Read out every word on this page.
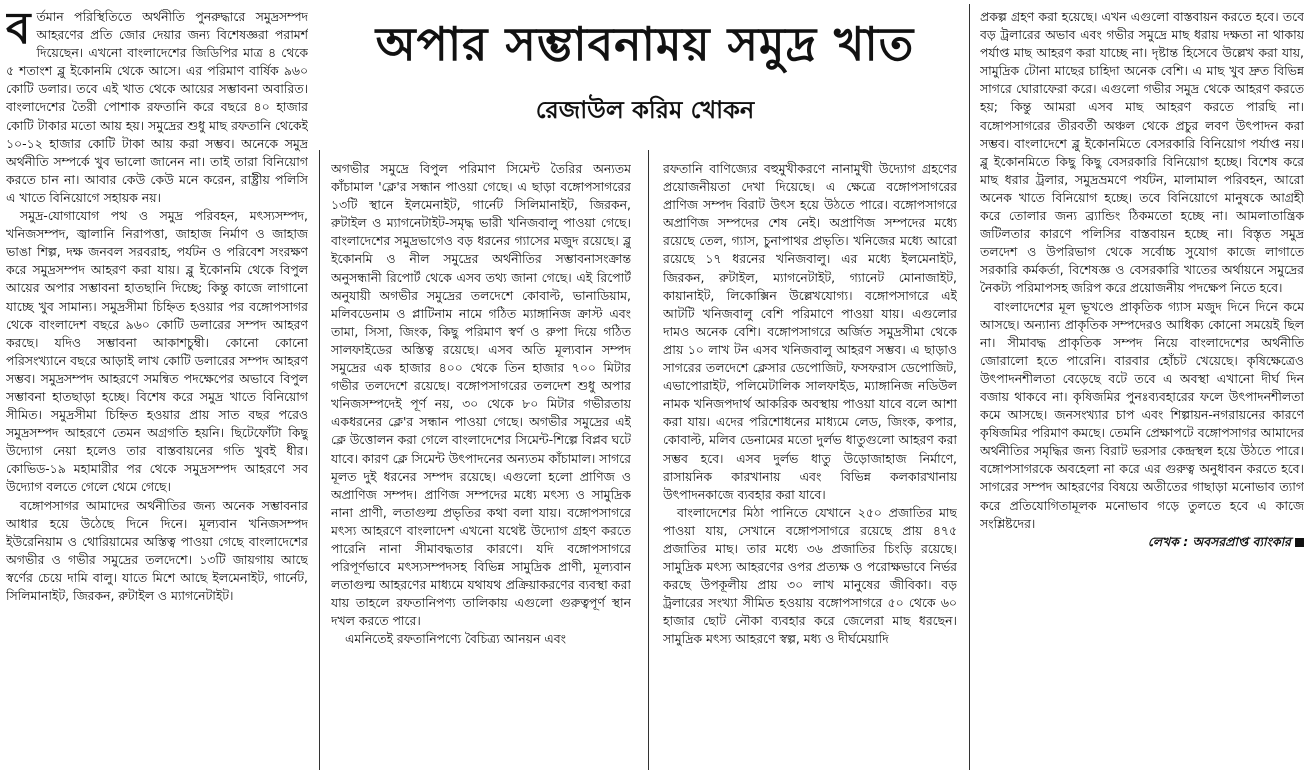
বর্তমান পরিস্থিতিতে অর্থনীতি পুনরুদ্ধারে সমুদ্রসম্পদ আহরণের প্রতি জোর দেয়ার জন্য বিশেষজ্ঞরা পরামর্শ দিয়েছেন। এখনো বাংলাদেশের জিডিপির মাত্র ৪ থেকে ৫ শতাংশ ব্লু ইকোনমি থেকে আসে। এর পরিমাণ বার্ষিক ৯৬০ কোটি ডলার। তবে এই খাত থেকে আয়ের সম্ভাবনা অবারিত। বাংলাদেশের তৈরী পোশাক রফতানি করে বছরে ৪০ হাজার কোটি টাকার মতো আয় হয়। সমুদ্রের শুধু মাছ রফতানি থেকেই ১০-১২ হাজার কোটি টাকা আয় করা সম্ভব। অনেকে সমুদ্র অর্থনীতি সম্পর্কে খুব ভালো জানেন না। তাই তারা বিনিয়োগ করতে চান না। আবার কেউ কেউ মনে করেন, রাষ্ট্রীয় পলিসি এ খাতে বিনিয়োগে সহায়ক নয়।

সমুদ্র-যোগাযোগ পথ ও সমুদ্র পরিবহন, মৎস্যসম্পদ, খনিজসম্পদ, জ্বালানি নিরাপত্তা, জাহাজ নির্মাণ ও জাহাজ ভাঙা শিল্প, দক্ষ জনবল সরবরাহ, পর্যটন ও পরিবেশ সংরক্ষণ করে সমুদ্রসম্পদ আহরণ করা যায়। ব্লু ইকোনমি থেকে বিপুল আয়ের অপার সম্ভাবনা হাতছানি দিচ্ছে; কিন্তু কাজে লাগানো যাচ্ছে খুব সামান্য। সমুদ্রসীমা চিহ্নিত হওয়ার পর বঙ্গোপসাগর থেকে বাংলাদেশ বছরে ৯৬০ কোটি ডলারের সম্পদ আহরণ করছে। যদিও সম্ভাবনা আকাশচুম্বী। কোনো কোনো পরিসংখ্যানে বছরে আড়াই লাখ কোটি ডলারের সম্পদ আহরণ সম্ভব। সমুদ্রসম্পদ আহরণে সমন্বিত পদক্ষেপের অভাবে বিপুল সম্ভাবনা হাতছাড়া হচ্ছে। বিশেষ করে সমুদ্র খাতে বিনিয়োগ সীমিত। সমুদ্রসীমা চিহ্নিত হওয়ার প্রায় সাত বছর পরেও সমুদ্রসম্পদ আহরণে তেমন অগ্রগতি হয়নি। ছিটেফোঁটা কিছু উদ্যোগ নেয়া হলেও তার বাস্তবায়নের গতি খুবই ধীর। কোভিড-১৯ মহামারীর পর থেকে সমুদ্রসম্পদ আহরণে সব উদ্যোগ বলতে গেলে থেমে গেছে।

বঙ্গোপসাগর আমাদের অর্থনীতির জন্য অনেক সম্ভাবনার আধার হয়ে উঠেছে দিনে দিনে। মূল্যবান খনিজসম্পদ ইউরেনিয়াম ও থোরিয়ামের অস্তিত্ব পাওয়া গেছে বাংলাদেশের অগভীর ও গভীর সমুদ্রের তলদেশে। ১৩টি জায়গায় আছে স্বর্ণের চেয়ে দামি বালু। যাতে মিশে আছে ইলমেনাইট, গার্নেট, সিলিমানাইট, জিরকন, রুটাইল ও ম্যাগনেটাইট।

অপার সম্ভাবনাময় সমুদ্র খাত
রেজাউল করিম খোকন

অগভীর সমুদ্রে বিপুল পরিমাণ সিমেন্ট তৈরির অন্যতম কাঁচামাল 'ক্লে'র সন্ধান পাওয়া গেছে। এ ছাড়া বঙ্গোপসাগরের ১৩টি স্থানে ইলমেনাইট, গার্নেট সিলিমানাইট, জিরকন, রুটাইল ও ম্যাগনেটাইট-সমৃদ্ধ ভারী খনিজবালু পাওয়া গেছে। বাংলাদেশের সমুদ্রভাগেও বড় ধরনের গ্যাসের মজুদ রয়েছে। ব্লু ইকোনমি ও নীল সমুদ্রের অর্থনীতির সম্ভাবনাসংক্রান্ত অনুসন্ধানী রিপোর্ট থেকে এসব তথ্য জানা গেছে। এই রিপোর্ট অনুযায়ী অগভীর সমুদ্রের তলদেশে কোবাল্ট, ভানাডিয়াম, মলিবডেনাম ও প্লাটিনাম নামে গঠিত ম্যাঙ্গানিজ ক্রাস্ট এবং তামা, সিসা, জিংক, কিছু পরিমাণ স্বর্ণ ও রুপা দিয়ে গঠিত সালফাইডের অস্তিত্ব রয়েছে। এসব অতি মূল্যবান সম্পদ সমুদ্রের এক হাজার ৪০০ থেকে তিন হাজার ৭০০ মিটার গভীর তলদেশে রয়েছে। বঙ্গোপসাগরের তলদেশ শুধু অপার খনিজসম্পদেই পূর্ণ নয়, ৩০ থেকে ৮০ মিটার গভীরতায় একধরনের ক্লে'র সন্ধান পাওয়া গেছে। অগভীর সমুদ্রের এই ক্লে উত্তোলন করা গেলে বাংলাদেশের সিমেন্ট-শিল্পে বিপ্লব ঘটে যাবে। কারণ ক্লে সিমেন্ট উৎপাদনের অন্যতম কাঁচামাল। সাগরে মূলত দুই ধরনের সম্পদ রয়েছে। এগুলো হলো প্রাণিজ ও অপ্রাণিজ সম্পদ। প্রাণিজ সম্পদের মধ্যে মৎস্য ও সামুদ্রিক নানা প্রাণী, লতাগুল্ম প্রভৃতির কথা বলা যায়। বঙ্গোপসাগরে মৎস্য আহরণে বাংলাদেশ এখনো যথেষ্ট উদ্যোগ গ্রহণ করতে পারেনি নানা সীমাবদ্ধতার কারণে। যদি বঙ্গোপসাগরে পরিপূর্ণভাবে মৎস্যসম্পদসহ বিভিন্ন সামুদ্রিক প্রাণী, মূল্যবান লতাগুল্ম আহরণের মাধ্যমে যথাযথ প্রক্রিয়াকরণের ব্যবস্থা করা যায় তাহলে রফতানিপণ্য তালিকায় এগুলো গুরুত্বপূর্ণ স্থান দখল করতে পারে।

এমনিতেই রফতানিপণ্যে বৈচিত্র্য আনয়ন এবং

রফতানি বাণিজ্যের বহুমুখীকরণে নানামুখী উদ্যোগ গ্রহণের প্রয়োজনীয়তা দেখা দিয়েছে। এ ক্ষেত্রে বঙ্গোপসাগরের প্রাণিজ সম্পদ বিরাট উৎস হয়ে উঠতে পারে। বঙ্গোপসাগরে অপ্রাণিজ সম্পদের শেষ নেই। অপ্রাণিজ সম্পদের মধ্যে রয়েছে তেল, গ্যাস, চুনাপাথর প্রভৃতি। খনিজের মধ্যে আরো রয়েছে ১৭ ধরনের খনিজবালু। এর মধ্যে ইলমেনাইট, জিরকন, রুটাইল, ম্যাগনেটাইট, গ্যানেট মোনাজাইট, কায়ানাইট, লিকোক্সিন উল্লেখযোগ্য। বঙ্গোপসাগরে এই আটটি খনিজবালু বেশি পরিমাণে পাওয়া যায়। এগুলোর দামও অনেক বেশি। বঙ্গোপসাগরে অর্জিত সমুদ্রসীমা থেকে প্রায় ১০ লাখ টন এসব খনিজবালু আহরণ সম্ভব। এ ছাড়াও সাগরের তলদেশে ক্লেসার ডেপোজিট, ফসফরাস ডেপোজিট, এভাপোরাইট, পলিমেটালিক সালফাইড, ম্যাঙ্গানিজ নডিউল নামক খনিজপদার্থ আকরিক অবস্থায় পাওয়া যাবে বলে আশা করা যায়। এদের পরিশোধনের মাধ্যমে লেড, জিংক, কপার, কোবাল্ট, মলিব ডেনামের মতো দুর্লভ ধাতুগুলো আহরণ করা সম্ভব হবে। এসব দুর্লভ ধাতু উড়োজাহাজ নির্মাণে, রাসায়নিক কারখানায় এবং বিভিন্ন কলকারখানায় উৎপাদনকাজে ব্যবহার করা যাবে।

বাংলাদেশের মিঠা পানিতে যেখানে ২৫০ প্রজাতির মাছ পাওয়া যায়, সেখানে বঙ্গোপসাগরে রয়েছে প্রায় ৪৭৫ প্রজাতির মাছ। তার মধ্যে ৩৬ প্রজাতির চিংড়ি রয়েছে। সামুদ্রিক মৎস্য আহরণের ওপর প্রত্যক্ষ ও পরোক্ষভাবে নির্ভর করছে উপকূলীয় প্রায় ৩০ লাখ মানুষের জীবিকা। বড় ট্রলারের সংখ্যা সীমিত হওয়ায় বঙ্গোপসাগরে ৫০ থেকে ৬০ হাজার ছোট নৌকা ব্যবহার করে জেলেরা মাছ ধরছেন। সামুদ্রিক মৎস্য আহরণে স্বল্প, মধ্য ও দীর্ঘমেয়াদি

প্রকল্প গ্রহণ করা হয়েছে। এখন এগুলো বাস্তবায়ন করতে হবে। তবে বড় ট্রলারের অভাব এবং গভীর সমুদ্রে মাছ ধরায় দক্ষতা না থাকায় পর্যাপ্ত মাছ আহরণ করা যাচ্ছে না। দৃষ্টান্ত হিসেবে উল্লেখ করা যায়, সামুদ্রিক টোনা মাছের চাহিদা অনেক বেশি। এ মাছ খুব দ্রুত বিভিন্ন সাগরে ঘোরাফেরা করে। এগুলো গভীর সমুদ্র থেকে আহরণ করতে হয়; কিন্তু আমরা এসব মাছ আহরণ করতে পারছি না। বঙ্গোপসাগরের তীরবর্তী অঞ্চল থেকে প্রচুর লবণ উৎপাদন করা সম্ভব। বাংলাদেশে ব্লু ইকোনমিতে বেসরকারি বিনিয়োগ পর্যাপ্ত নয়। ব্লু ইকোনমিতে কিছু কিছু বেসরকারি বিনিয়োগ হচ্ছে। বিশেষ করে মাছ ধরার ট্রলার, সমুদ্রভ্রমণে পর্যটন, মালামাল পরিবহন, আরো অনেক খাতে বিনিয়োগ হচ্ছে। তবে বিনিয়োগে মানুষকে আগ্রহী করে তোলার জন্য ব্র্যান্ডিং ঠিকমতো হচ্ছে না। আমলাতান্ত্রিক জটিলতার কারণে পলিসির বাস্তবায়ন হচ্ছে না। বিস্তৃত সমুদ্র তলদেশ ও উপরিভাগ থেকে সর্বোচ্চ সুযোগ কাজে লাগাতে সরকারি কর্মকর্তা, বিশেষজ্ঞ ও বেসরকারি খাতের অর্থায়নে সমুদ্রের নৈকট্য পরিমাপসহ জরিপ করে প্রয়োজনীয় পদক্ষেপ নিতে হবে।

বাংলাদেশের মূল ভূখণ্ডে প্রাকৃতিক গ্যাস মজুদ দিনে দিনে কমে আসছে। অন্যান্য প্রাকৃতিক সম্পদেরও আধিক্য কোনো সময়েই ছিল না। সীমাবদ্ধ প্রাকৃতিক সম্পদ নিয়ে বাংলাদেশের অর্থনীতি জোরালো হতে পারেনি। বারবার হোঁচট খেয়েছে। কৃষিক্ষেত্রেও উৎপাদনশীলতা বেড়েছে বটে তবে এ অবস্থা এখানো দীর্ঘ দিন বজায় থাকবে না। কৃষিজমির পুনঃব্যবহারের ফলে উৎপাদনশীলতা কমে আসছে। জনসংখ্যার চাপ এবং শিল্পায়ন-নগরায়নের কারণে কৃষিজমির পরিমাণ কমছে। তেমনি প্রেক্ষাপটে বঙ্গোপসাগর আমাদের অর্থনীতির সমৃদ্ধির জন্য বিরাট ভরসার কেন্দ্রস্থল হয়ে উঠতে পারে। বঙ্গোপসাগরকে অবহেলা না করে এর গুরুত্ব অনুধাবন করতে হবে। সাগরের সম্পদ আহরণের বিষয়ে অতীতের গাছাড়া মনোভাব ত্যাগ করে প্রতিযোগিতামূলক মনোভাব গড়ে তুলতে হবে এ কাজে সংশ্লিষ্টদের।

লেখক : অবসরপ্রাপ্ত ব্যাংকার
